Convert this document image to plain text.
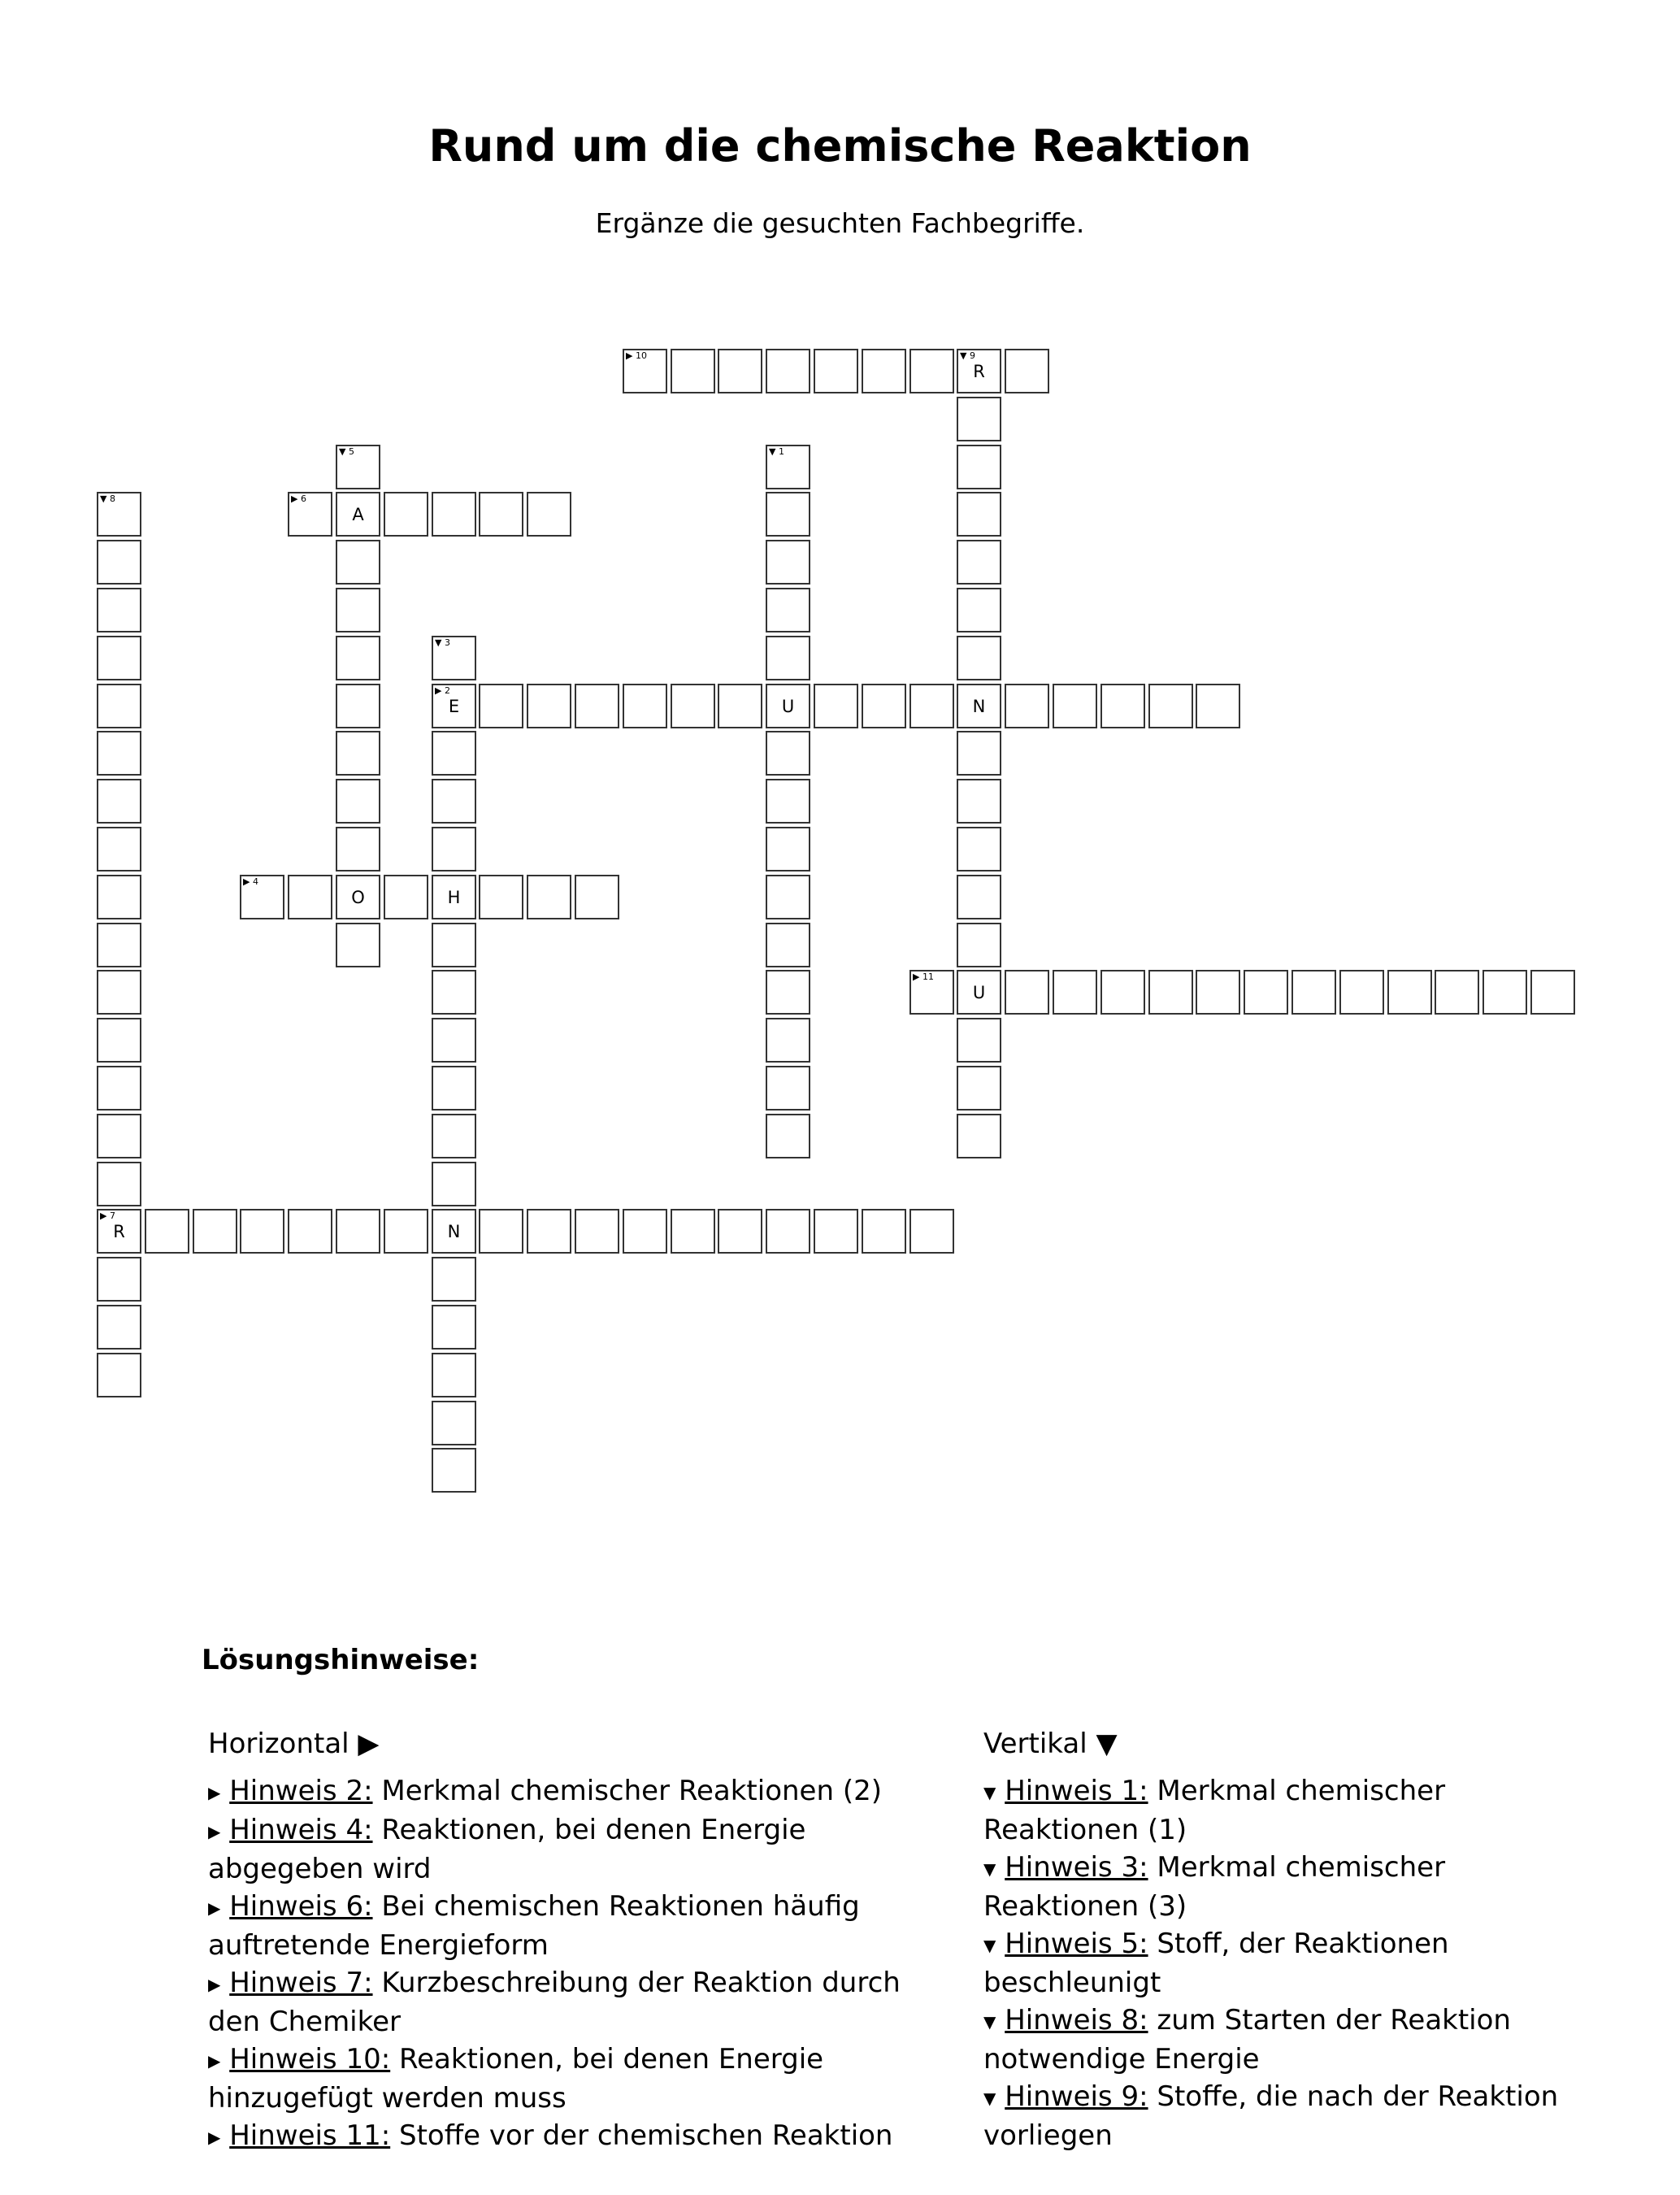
Rund um die chemische Reaktion

Ergänze die gesuchten Fachbegriffe.

▶ 10
R
▼ 9
N
U
▼ 5
A
O
▼ 1
U
▼ 8
R
▶ 7
▶ 6
▼ 3
E
▶ 2
H
N
▶ 4
▶ 11

Lösungshinweise:

Horizontal ▶

▶ Hinweis 2: Merkmal chemischer Reaktionen (2)

▶ Hinweis 4: Reaktionen, bei denen Energie abgegeben wird

▶ Hinweis 6: Bei chemischen Reaktionen häufig auftretende Energieform

▶ Hinweis 7: Kurzbeschreibung der Reaktion durch den Chemiker

▶ Hinweis 10: Reaktionen, bei denen Energie hinzugefügt werden muss

▶ Hinweis 11: Stoffe vor der chemischen Reaktion

Vertikal ▼

▼ Hinweis 1: Merkmal chemischer Reaktionen (1)

▼ Hinweis 3: Merkmal chemischer Reaktionen (3)

▼ Hinweis 5: Stoff, der Reaktionen beschleunigt

▼ Hinweis 8: zum Starten der Reaktion notwendige Energie

▼ Hinweis 9: Stoffe, die nach der Reaktion vorliegen
